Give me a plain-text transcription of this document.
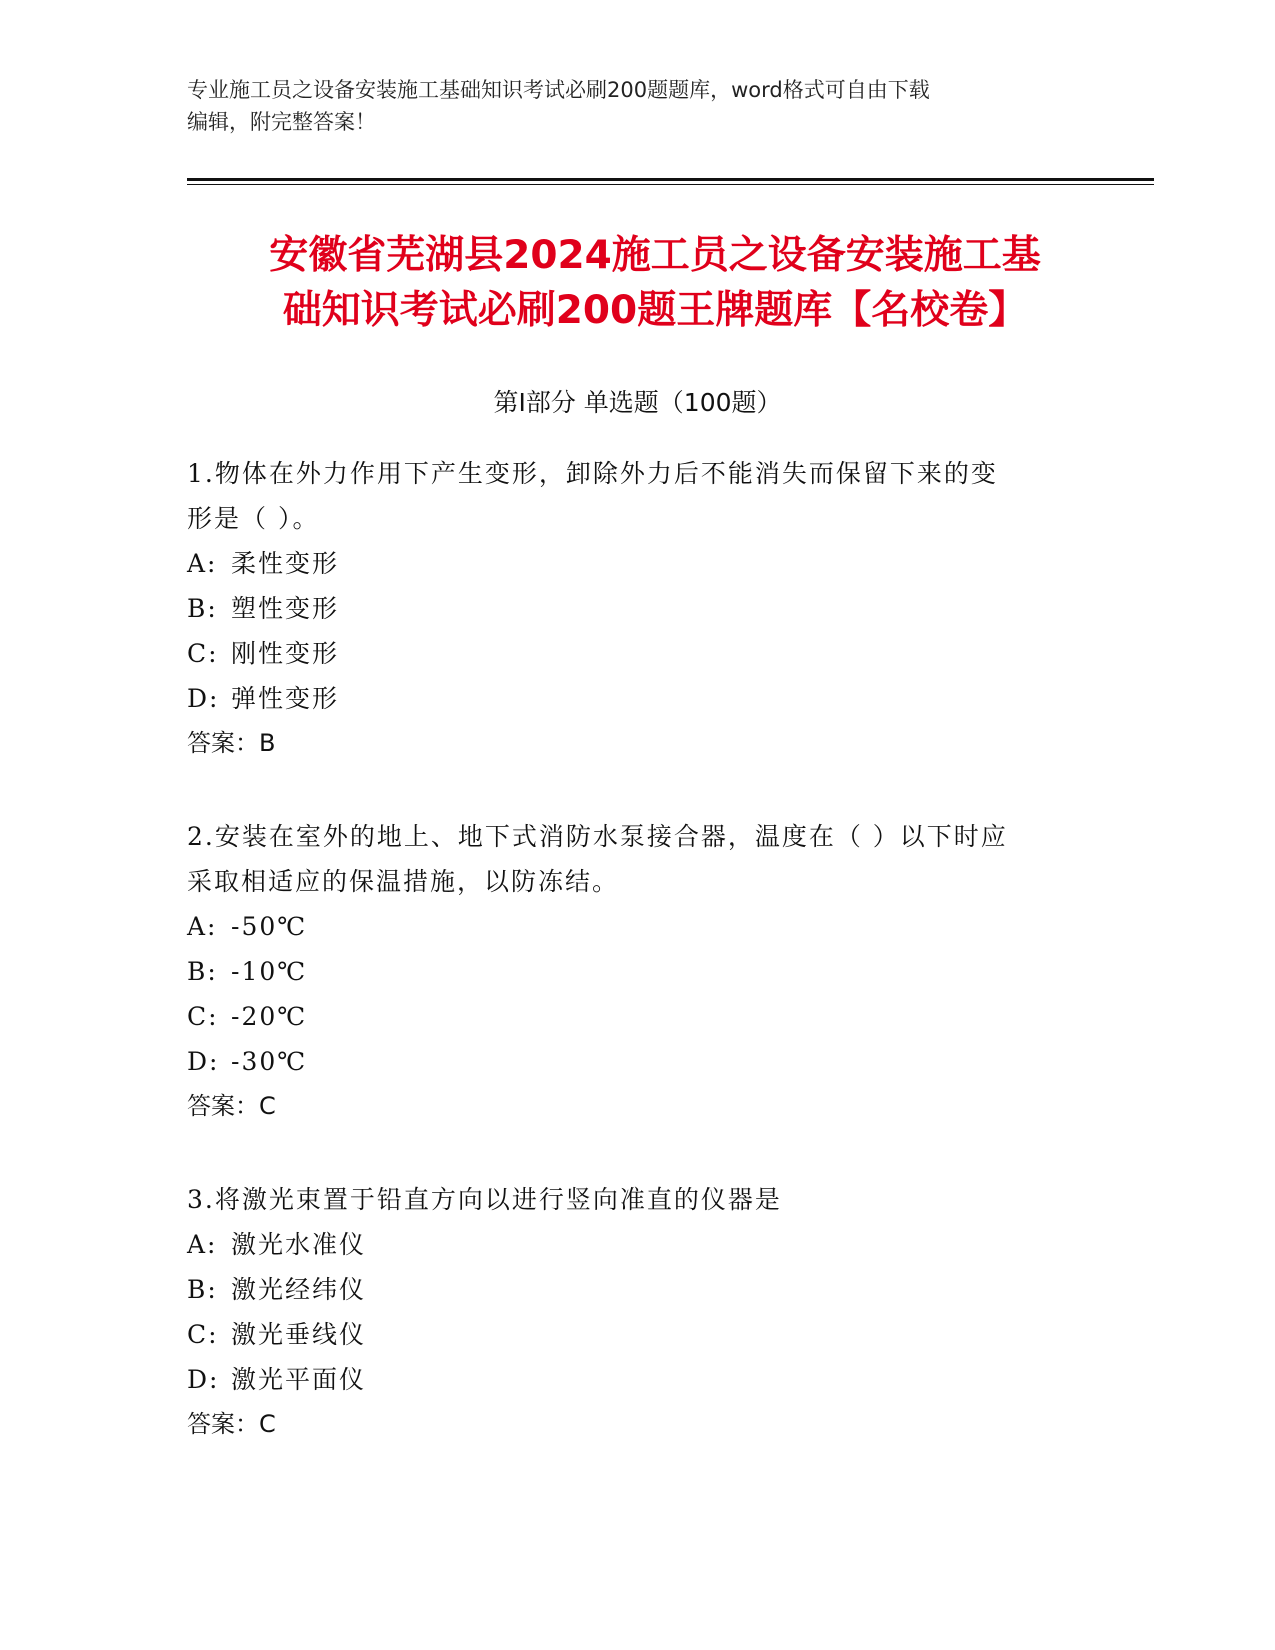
专业施工员之设备安装施工基础知识考试必刷200题题库，word格式可自由下载
编辑，附完整答案！
安徽省芜湖县2024施工员之设备安装施工基
础知识考试必刷200题王牌题库【名校卷】
第Ⅰ部分 单选题（100题）
1.物体在外力作用下产生变形，卸除外力后不能消失而保留下来的变
形是（ ）。
A: 柔性变形
B: 塑性变形
C: 刚性变形
D: 弹性变形
答案：B
2.安装在室外的地上、地下式消防水泵接合器，温度在（ ）以下时应
采取相适应的保温措施，以防冻结。
A: -50℃
B: -10℃
C: -20℃
D: -30℃
答案：C
3.将激光束置于铅直方向以进行竖向准直的仪器是
A: 激光水准仪
B: 激光经纬仪
C: 激光垂线仪
D: 激光平面仪
答案：C
